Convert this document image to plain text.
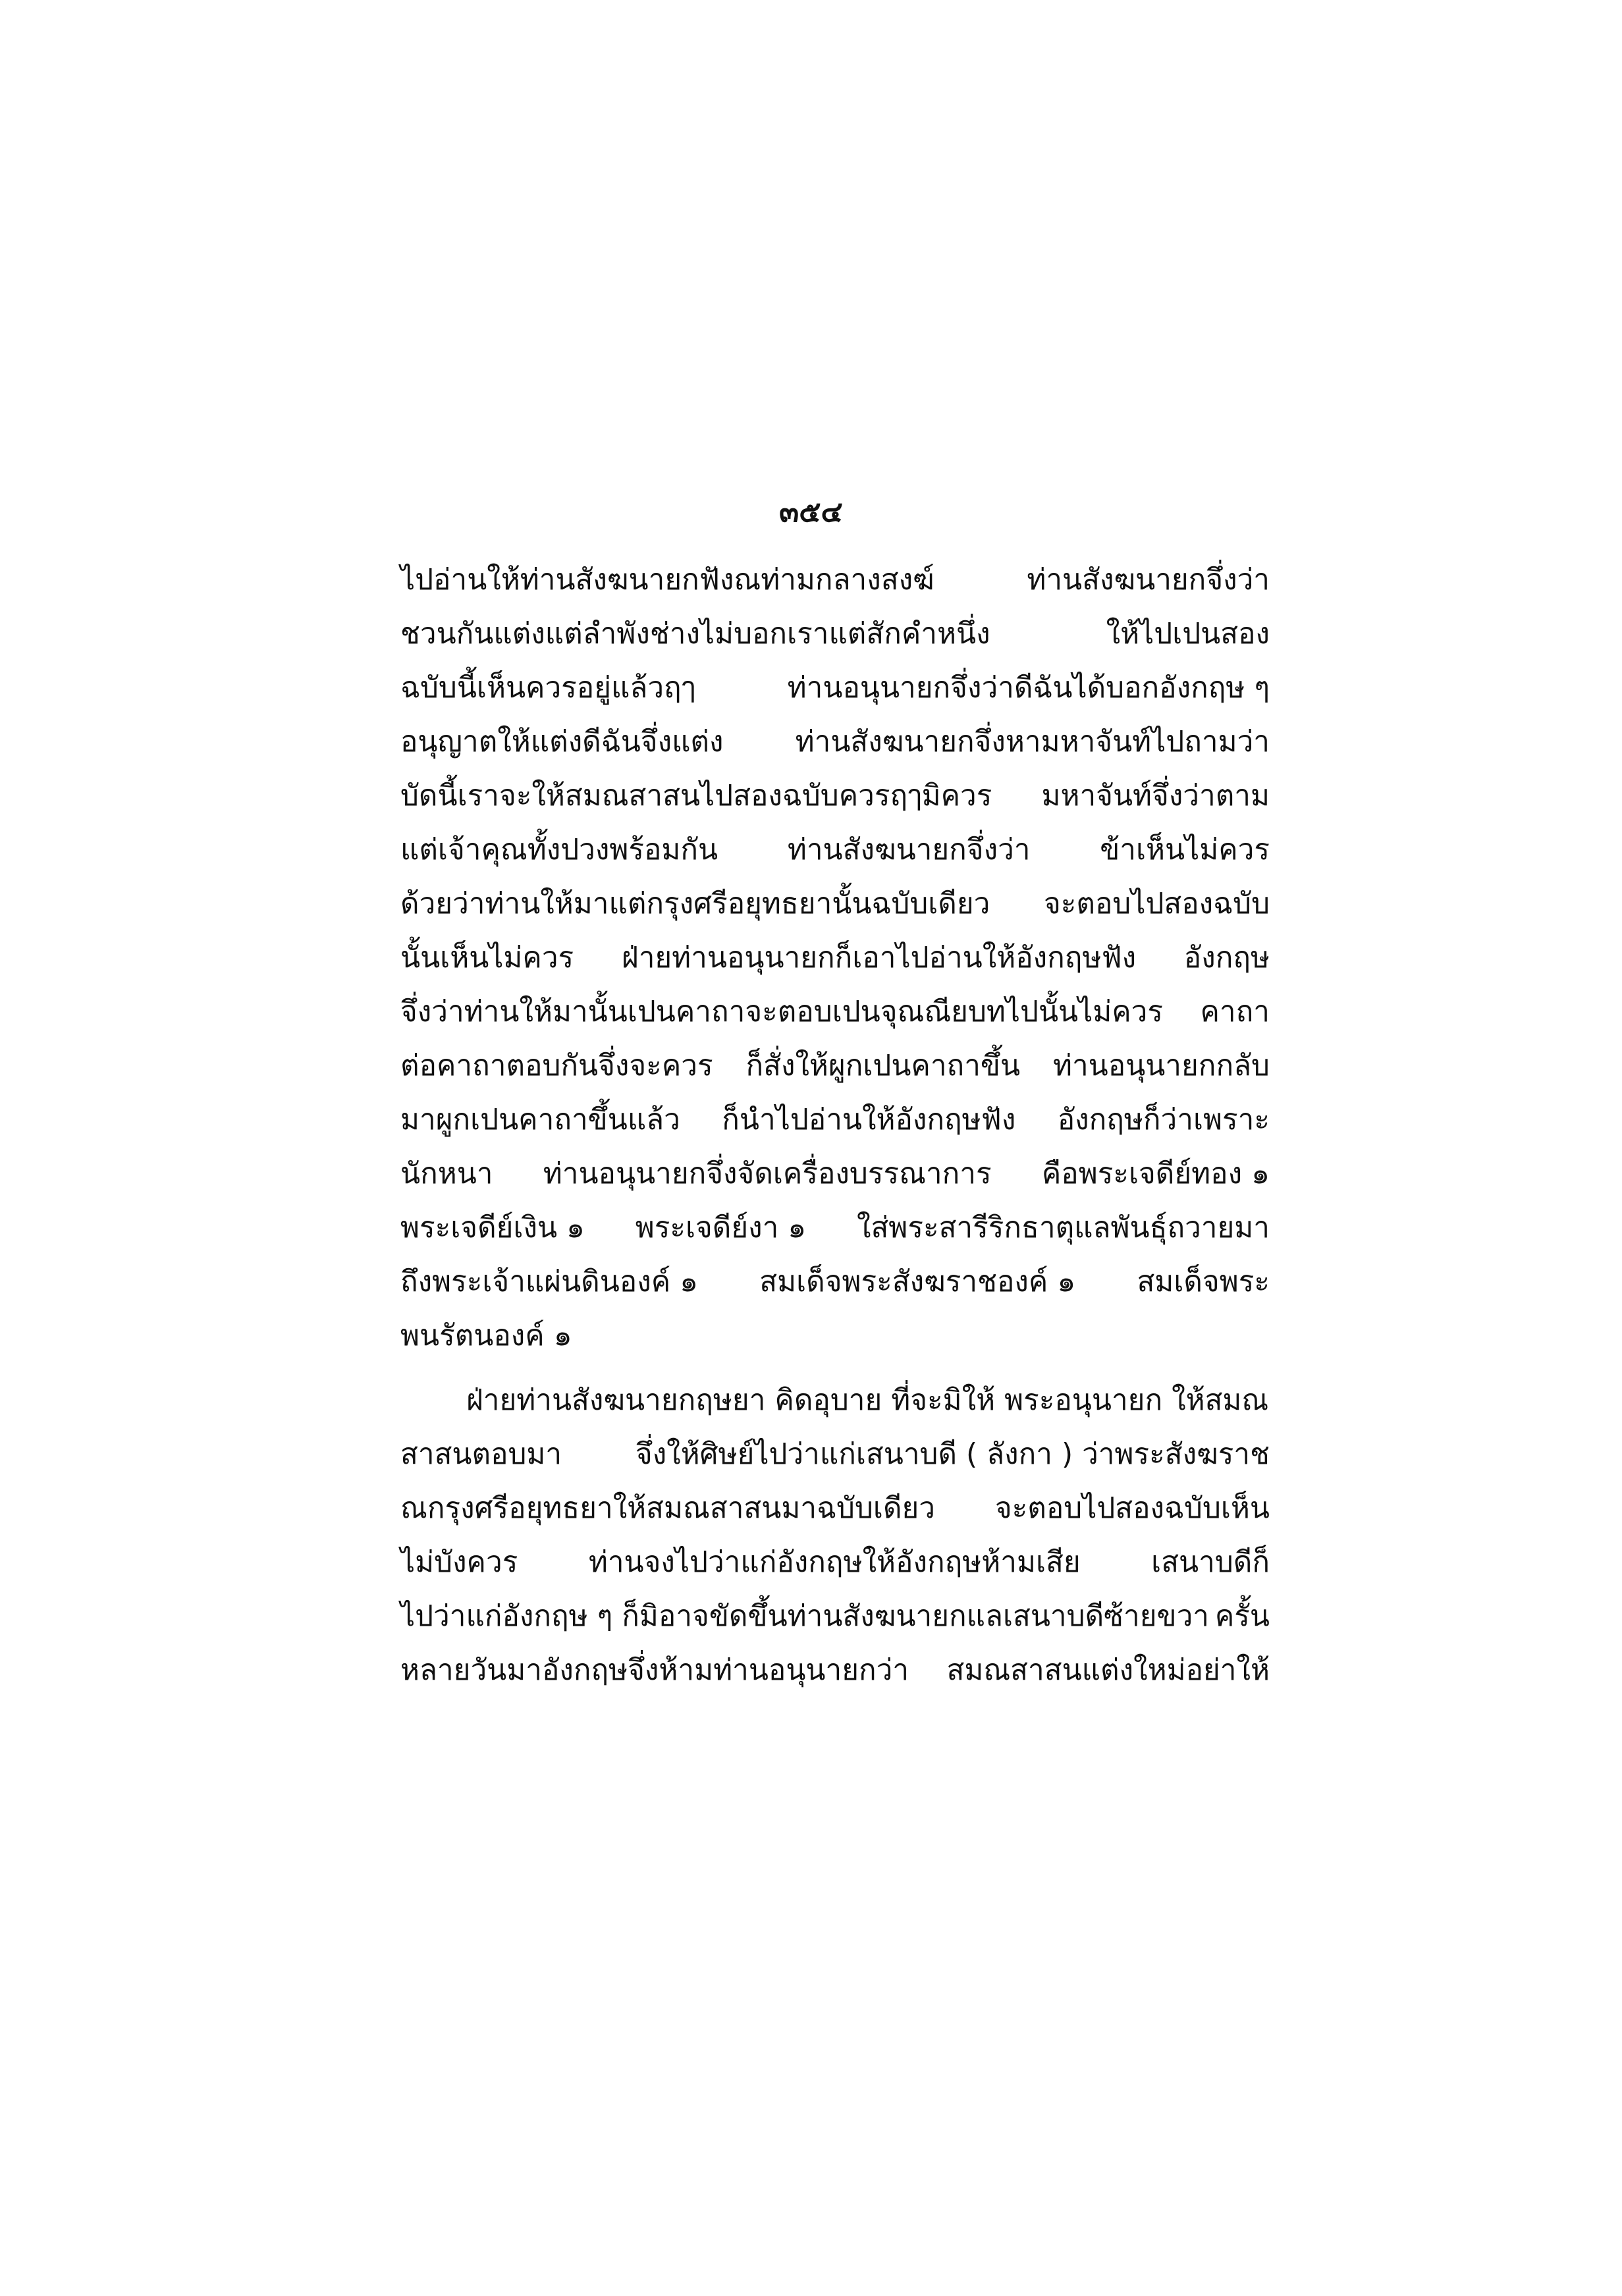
๓๕๔
ไปอ่านให้ท่านสังฆนายกฟังณท่ามกลางสงฆ์	ท่านสังฆนายกจึ่งว่า
ชวนกันแต่งแต่ลำพังช่างไม่บอกเราแต่สักคำหนึ่ง	ให้ไปเปนสอง
ฉบับนี้เห็นควรอยู่แล้วฤๅ	ท่านอนุนายกจึ่งว่าดีฉันได้บอกอังกฤษ ๆ
อนุญาตให้แต่งดีฉันจึ่งแต่ง ท่านสังฆนายกจึ่งหามหาจันท์ไปถามว่า
บัดนี้เราจะให้สมณสาสนไปสองฉบับควรฤๅมิควร มหาจันท์จึ่งว่าตาม
แต่เจ้าคุณทั้งปวงพร้อมกัน ท่านสังฆนายกจึ่งว่า ข้าเห็นไม่ควร
ด้วยว่าท่านให้มาแต่กรุงศรีอยุทธยานั้นฉบับเดียว จะตอบไปสองฉบับ
นั้นเห็นไม่ควร ฝ่ายท่านอนุนายกก็เอาไปอ่านให้อังกฤษฟัง อังกฤษ
จึ่งว่าท่านให้มานั้นเปนคาถาจะตอบเปนจุณณียบทไปนั้นไม่ควร คาถา
ต่อคาถาตอบกันจึ่งจะควร ก็สั่งให้ผูกเปนคาถาขึ้น ท่านอนุนายกกลับ
มาผูกเปนคาถาขึ้นแล้ว ก็นำไปอ่านให้อังกฤษฟัง อังกฤษก็ว่าเพราะ
นักหนา ท่านอนุนายกจึ่งจัดเครื่องบรรณาการ คือพระเจดีย์ทอง ๑
พระเจดีย์เงิน ๑ พระเจดีย์งา ๑ ใส่พระสารีริกธาตุแลพันธุ์ถวายมา
ถึงพระเจ้าแผ่นดินองค์ ๑ สมเด็จพระสังฆราชองค์ ๑ สมเด็จพระ
พนรัตนองค์ ๑
ฝ่ายท่านสังฆนายกฤษยา คิดอุบาย ที่จะมิให้ พระอนุนายก ให้สมณ
สาสนตอบมา	จึ่งให้ศิษย์ไปว่าแก่เสนาบดี ( ลังกา ) ว่าพระสังฆราช
ณกรุงศรีอยุทธยาให้สมณสาสนมาฉบับเดียว จะตอบไปสองฉบับเห็น
ไม่บังควร ท่านจงไปว่าแก่อังกฤษให้อังกฤษห้ามเสีย เสนาบดีก็
ไปว่าแก่อังกฤษ ๆ ก็มิอาจขัดขึ้นท่านสังฆนายกแลเสนาบดีซ้ายขวา ครั้น
หลายวันมาอังกฤษจึ่งห้ามท่านอนุนายกว่า สมณสาสนแต่งใหม่อย่าให้
